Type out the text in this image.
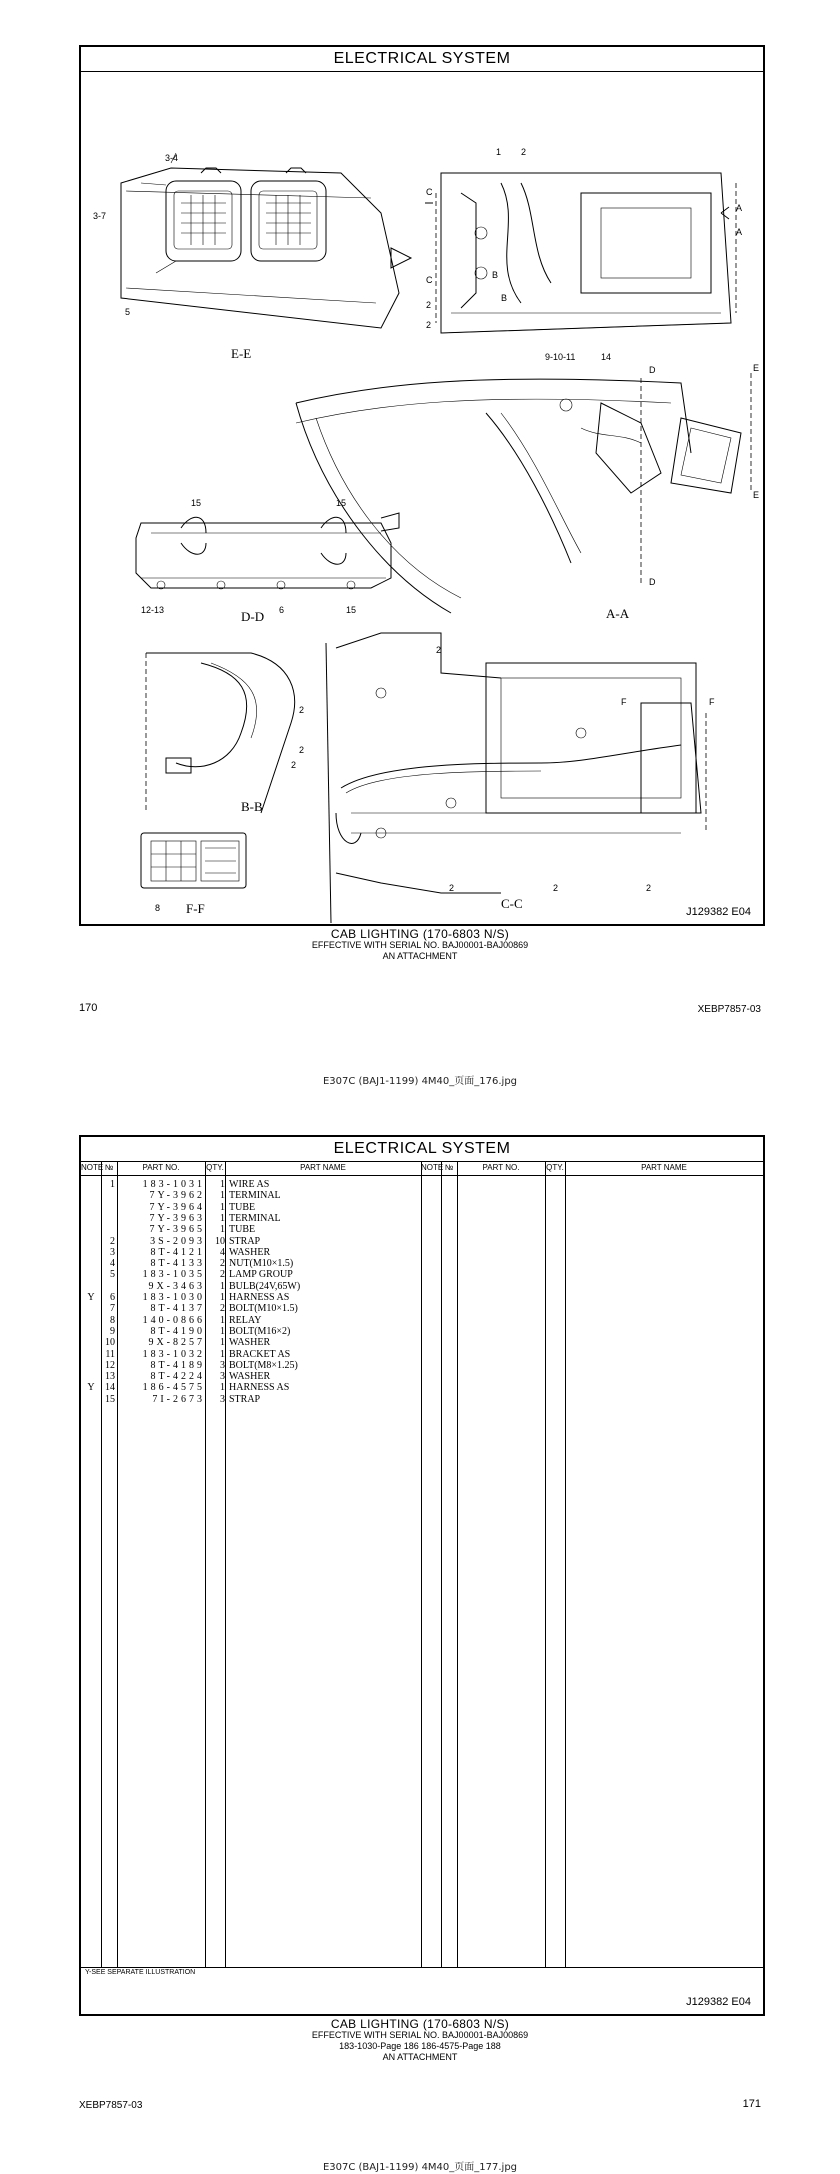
ELECTRICAL SYSTEM
3-4
3-7
5
E-E
1 2
C
C
A
A
B
B
2
2
9-10-11	14
D
D
E
E
A-A
15	15
15
12-13	6
D-D
2
2
B-B
8 F-F
2
2
2	2	2
F	F
C-C
J129382 E04
CAB LIGHTING (170-6803 N/S)
EFFECTIVE WITH SERIAL NO. BAJ00001-BAJ00869
AN ATTACHMENT
170	XEBP7857-03
E307C (BAJ1-1199) 4M40_页面_176.jpg
ELECTRICAL SYSTEM
NOTE №	PART NO.	QTY.	PART NAME	NOTE №	PART NO.	QTY.	PART NAME
1	183-1031	1 WIRE AS
7Y-3962	1 TERMINAL
7Y-3964	1 TUBE
7Y-3963	1 TERMINAL
7Y-3965	1 TUBE
2	3S-2093	10 STRAP
3	8T-4121	4 WASHER
4	8T-4133	2 NUT(M10×1.5)
5	183-1035	2 LAMP GROUP
9X-3463	1 BULB(24V,65W)
Y	6	183-1030	1 HARNESS AS
7	8T-4137	2 BOLT(M10×1.5)
8	140-0866	1 RELAY
9	8T-4190	1 BOLT(M16×2)
10	9X-8257	1 WASHER
11	183-1032	1 BRACKET AS
12	8T-4189	3 BOLT(M8×1.25)
13	8T-4224	3 WASHER
Y	14	186-4575	1 HARNESS AS
15	7I-2673	3 STRAP
Y-SEE SEPARATE ILLUSTRATION
J129382 E04
CAB LIGHTING (170-6803 N/S)
EFFECTIVE WITH SERIAL NO. BAJ00001-BAJ00869
183-1030-Page 186 186-4575-Page 188
AN ATTACHMENT
XEBP7857-03	171
E307C (BAJ1-1199) 4M40_页面_177.jpg
